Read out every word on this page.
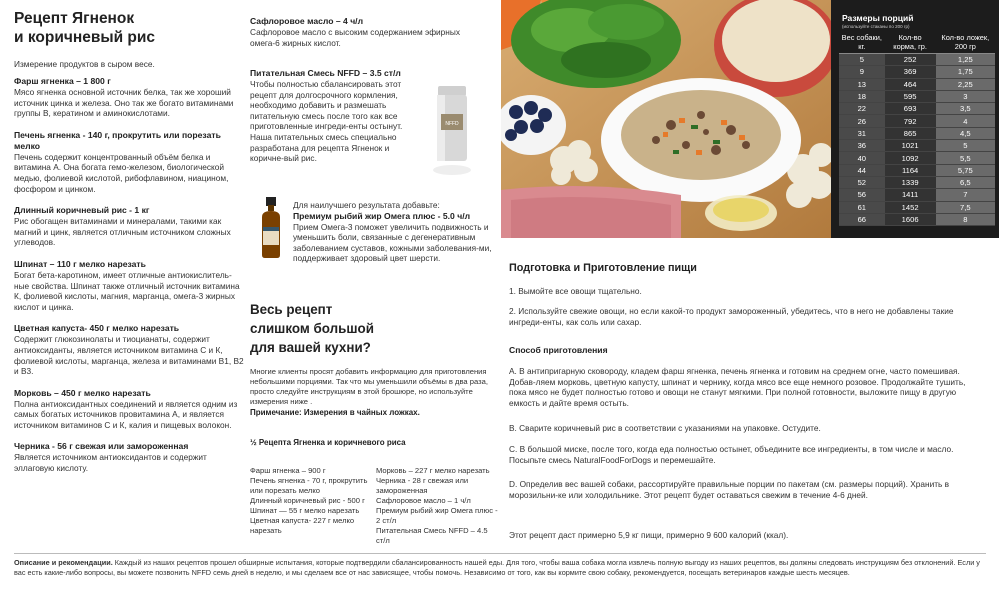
Рецепт Ягненок
и коричневый рис
Измерение продуктов в сыром весе.
Фарш ягненка – 1 800 г
Мясо ягненка основной источник белка, так же хороший источник цинка и железа. Оно так же богато витаминами группы B, кератином и аминокислотами.
Печень ягненка - 140 г, прокрутить или порезать мелко
Печень содержит концентрованный объём белка и витамина А. Она богата гемо-железом, биологической медью, фолиевой кислотой, рибофлавином, ниацином, фосфором и цинком.
Длинный коричневый рис - 1 кг
Рис обогащен витаминами и минералами, такими как магний и цинк, является отличным источником сложных углеводов.
Шпинат – 110 г мелко нарезать
Богат бета-каротином, имеет отличные антиокислитель-ные свойства. Шпинат также отличный источник витамина К, фолиевой кислоты, магния, марганца, омега-3 жирных кислот и цинка.
Цветная капуста- 450 г мелко нарезать
Содержит глюкозинолаты и тиоцианаты, содержит антиоксиданты, является источником витамина С и К, фолиевой кислоты, марганца, железа и витаминами B1, B2 и B3.
Морковь – 450 г мелко нарезать
Полна антиоксидантных соединений и является одним из самых богатых источников провитамина А, и является источником витаминов С и К, калия и пищевых волокон.
Черника - 56 г свежая или замороженная
Является источником антиоксидантов и содержит эллаговую кислоту.
Сафлоровое масло – 4 ч/л
Сафлоровое масло с высоким содержанием эфирных омега-6 жирных кислот.
Питательная Смесь NFFD – 3.5 ст/л
Чтобы полностью сбалансировать этот рецепт для долгосрочного кормления, необходимо добавить и размешать питательную смесь после того как все приготовленные ингреди-енты остынут.
Наша питательных смесь специально разработана для рецепта Ягненок и коричне-вый рис.
NFFD
Для наилучшего результата добавьте:
Премиум рыбий жир Омега плюс - 5.0 ч/л
Прием Омега-3 поможет увеличить подвижность и уменьшить боли, связанные с дегенеративным заболеванием суставов, кожными заболевания-ми, поддерживает здоровый цвет шерсти.
Весь рецепт
слишком большой
для вашей кухни?
Многие клиенты просят добавить информацию для приготовления небольшими порциями. Так что мы уменьшили объёмы в два раза, просто следуйте инструкциям в этой брошюре, но используйте измерения ниже .
Примечание: Измерения в чайных ложках.
½ Рецепта Ягненка и коричневого риса
Фарш ягненка – 900 г
Печень ягненка - 70 г, прокрутить или порезать мелко
Длинный коричневый рис - 500 г
Шпинат — 55 г мелко нарезать
Цветная капуста- 227 г мелко нарезать
Морковь – 227 г мелко нарезать
Черника - 28 г свежая или замороженная
Сафлоровое масло – 1 ч/л
Премиум рыбий жир Омега плюс - 2 ст/л
Питательная Смесь NFFD – 4.5 ст/л
Размеры порций
(используйте стаканы по 200 гр)
Вес собаки, кг.	Кол-во корма, гр.	Кол-во ложек, 200 гр
5	252	1,25
9	369	1,75
13	464	2,25
18	595	3
22	693	3,5
26	792	4
31	865	4,5
36	1021	5
40	1092	5,5
44	1164	5,75
52	1339	6,5
56	1411	7
61	1452	7,5
66	1606	8
Подготовка и Приготовление пищи
1. Вымойте все овощи тщательно.
2. Используйте свежие овощи, но если какой-то продукт замороженный, убедитесь, что в него не добавлены такие ингреди-енты, как соль или сахар.
Способ приготовления
А. В антипригарную сковороду, кладем фарш ягненка, печень ягненка и готовим на среднем огне, часто помешивая. Добав-ляем морковь, цветную капусту, шпинат и чернику, когда мясо все еще немного розовое. Продолжайте тушить, пока мясо не будет полностью готово и овощи не станут мягкими. При полной готовности, выложите пищу в другую емкость и дайте время остыть.
B. Сварите коричневый рис в соответствии с указаниями на упаковке. Остудите.
C. В большой миске, после того, когда еда полностью остынет, объедините все ингредиенты, в том числе и масло. Посыпьте смесь NaturalFoodForDogs и перемешайте.
D. Определив вес вашей собаки, рассортируйте правильные порции по пакетам (см. размеры порций). Хранить в морозильни-ке или холодильнике. Этот рецепт будет оставаться свежим в течение 4-6 дней.
Этот рецепт даст примерно 5,9 кг пищи, примерно 9 600 калорий (ккал).
Описание и рекомендации. Каждый из наших рецептов прошел обширные испытания, которые подтвердили сбалансированность нашей еды. Для того, чтобы ваша собака могла извлечь полную выгоду из наших рецептов, вы должны следовать инструкциям без отклонений. Если у вас есть какие-либо вопросы, вы можете позвонить NFFD семь дней в неделю, и мы сделаем все от нас зависящее, чтобы помочь. Независимо от того, как вы кормите свою собаку, рекомендуется, посещать ветеринаров каждые шесть месяцев.
